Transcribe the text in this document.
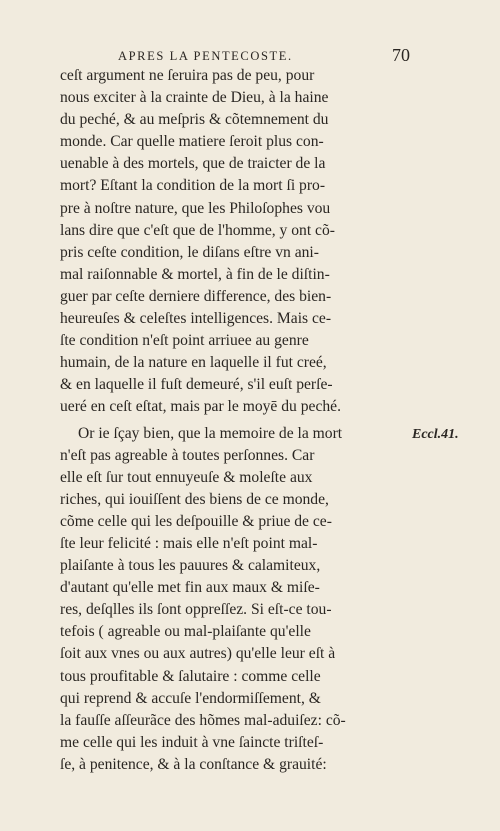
APRES LA PENTECOSTE.	70
ceſt argument ne ſeruira pas de peu, pour
nous exciter à la crainte de Dieu, à la haine
du peché, & au meſpris & cõtemnement du
monde. Car quelle matiere ſeroit plus con-
uenable à des mortels, que de traicter de la
mort? Eſtant la condition de la mort ſi pro-
pre à noſtre nature, que les Philoſophes vou
lans dire que c'eſt que de l'homme, y ont cõ-
pris ceſte condition, le diſans eſtre vn ani-
mal raiſonnable & mortel, à fin de le diſtin-
guer par ceſte derniere difference, des bien-
heureuſes & celeſtes intelligences. Mais ce-
ſte condition n'eſt point arriuee au genre
humain, de la nature en laquelle il fut creé,
& en laquelle il fuſt demeuré, s'il euſt perſe-
ueré en ceſt eſtat, mais par le moyē du peché.
Or ie ſçay bien, que la memoire de la mort
n'eſt pas agreable à toutes perſonnes. Car
elle eſt ſur tout ennuyeuſe & moleſte aux
riches, qui iouiſſent des biens de ce monde,
cõme celle qui les deſpouille & priue de ce-
ſte leur felicité : mais elle n'eſt point mal-
plaiſante à tous les pauures & calamiteux,
d'autant qu'elle met fin aux maux & miſe-
res, deſqlles ils ſont oppreſſez. Si eſt-ce tou-
tefois ( agreable ou mal-plaiſante qu'elle
ſoit aux vnes ou aux autres) qu'elle leur eſt à
tous proufitable & ſalutaire : comme celle
qui reprend & accuſe l'endormiſſement, &
la fauſſe aſſeurãce des hõmes mal-aduiſez: cõ-
me celle qui les induit à vne ſaincte triſteſ-
ſe, à penitence, & à la conſtance & grauité:
Eccl.41.
